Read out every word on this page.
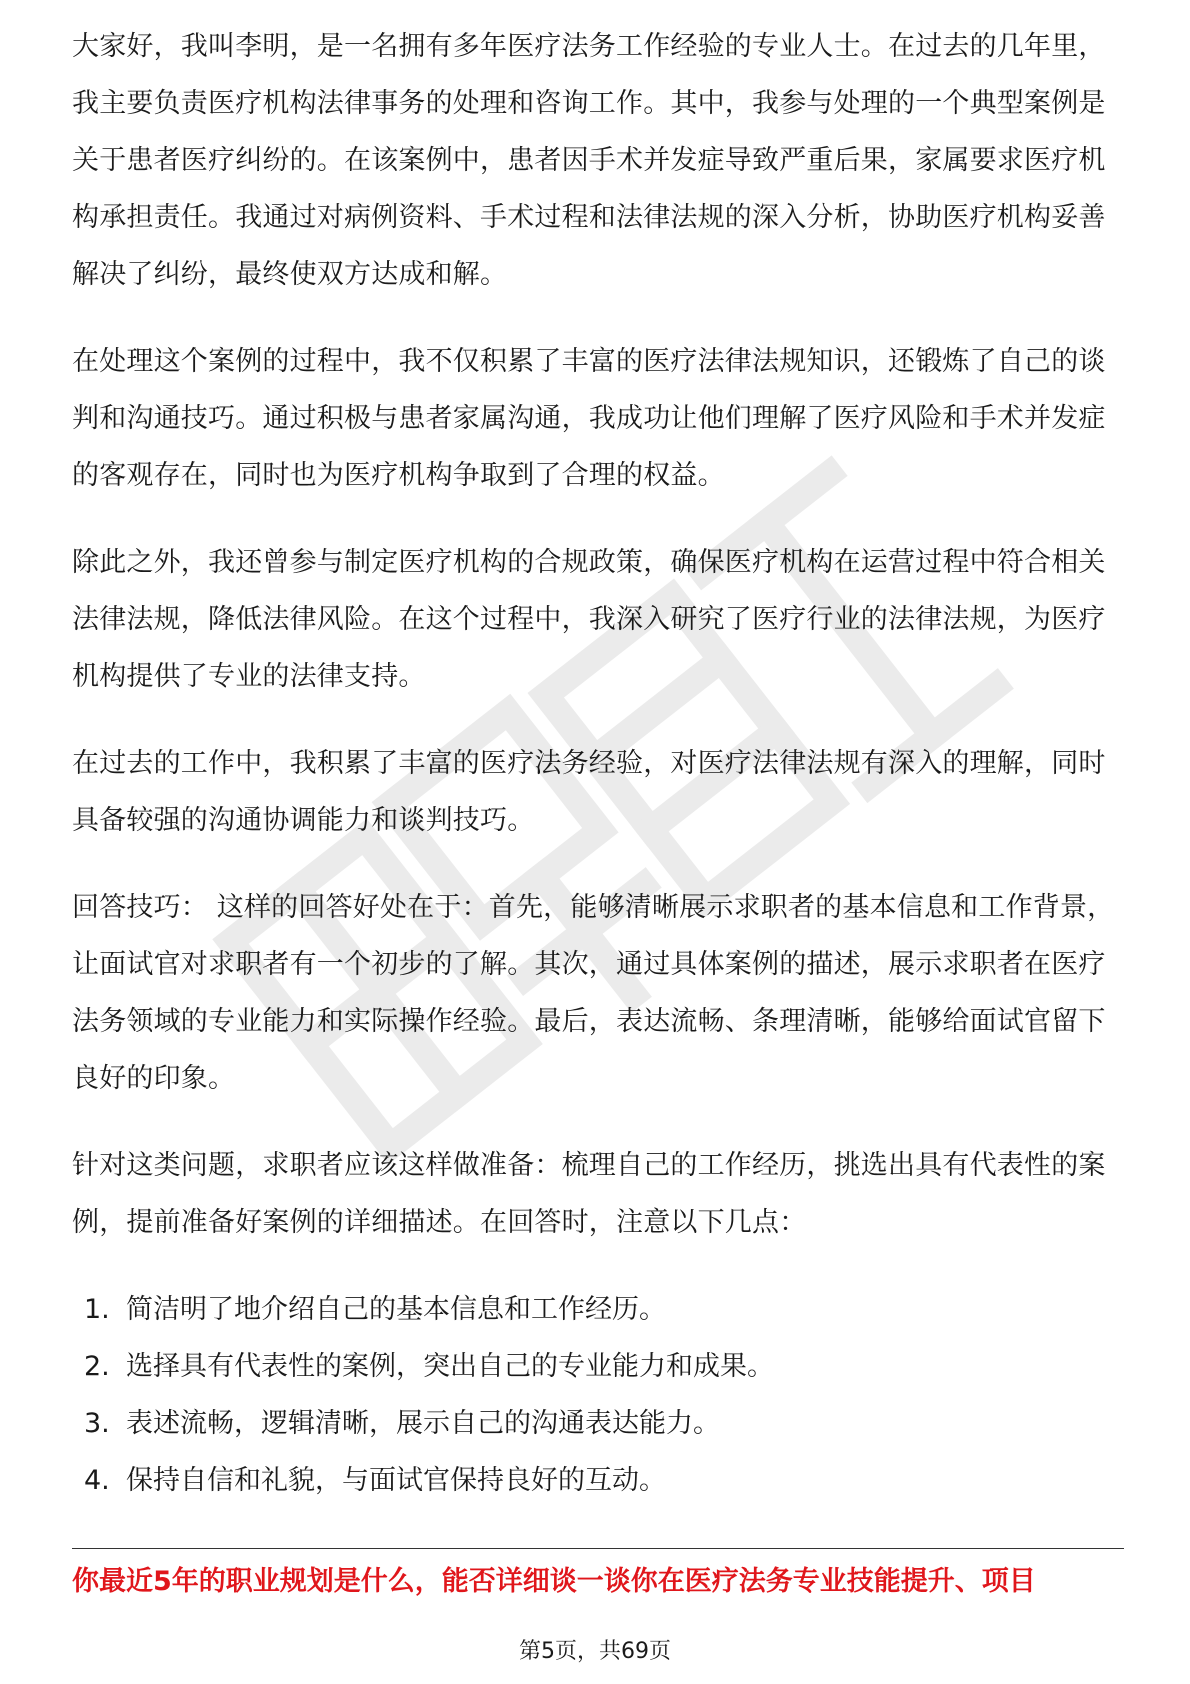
大家好，我叫李明，是一名拥有多年医疗法务工作经验的专业人士。在过去的几年里，我主要负责医疗机构法律事务的处理和咨询工作。其中，我参与处理的一个典型案例是关于患者医疗纠纷的。在该案例中，患者因手术并发症导致严重后果，家属要求医疗机构承担责任。我通过对病例资料、手术过程和法律法规的深入分析，协助医疗机构妥善解决了纠纷，最终使双方达成和解。

在处理这个案例的过程中，我不仅积累了丰富的医疗法律法规知识，还锻炼了自己的谈判和沟通技巧。通过积极与患者家属沟通，我成功让他们理解了医疗风险和手术并发症的客观存在，同时也为医疗机构争取到了合理的权益。

除此之外，我还曾参与制定医疗机构的合规政策，确保医疗机构在运营过程中符合相关法律法规，降低法律风险。在这个过程中，我深入研究了医疗行业的法律法规，为医疗机构提供了专业的法律支持。

在过去的工作中，我积累了丰富的医疗法务经验，对医疗法律法规有深入的理解，同时具备较强的沟通协调能力和谈判技巧。

回答技巧： 这样的回答好处在于：首先，能够清晰展示求职者的基本信息和工作背景，让面试官对求职者有一个初步的了解。其次，通过具体案例的描述，展示求职者在医疗法务领域的专业能力和实际操作经验。最后，表达流畅、条理清晰，能够给面试官留下良好的印象。

针对这类问题，求职者应该这样做准备：梳理自己的工作经历，挑选出具有代表性的案例，提前准备好案例的详细描述。在回答时，注意以下几点：

1. 简洁明了地介绍自己的基本信息和工作经历。
2. 选择具有代表性的案例，突出自己的专业能力和成果。
3. 表述流畅，逻辑清晰，展示自己的沟通表达能力。
4. 保持自信和礼貌，与面试官保持良好的互动。
你最近5年的职业规划是什么，能否详细谈一谈你在医疗法务专业技能提升、项目
第5页，共69页
